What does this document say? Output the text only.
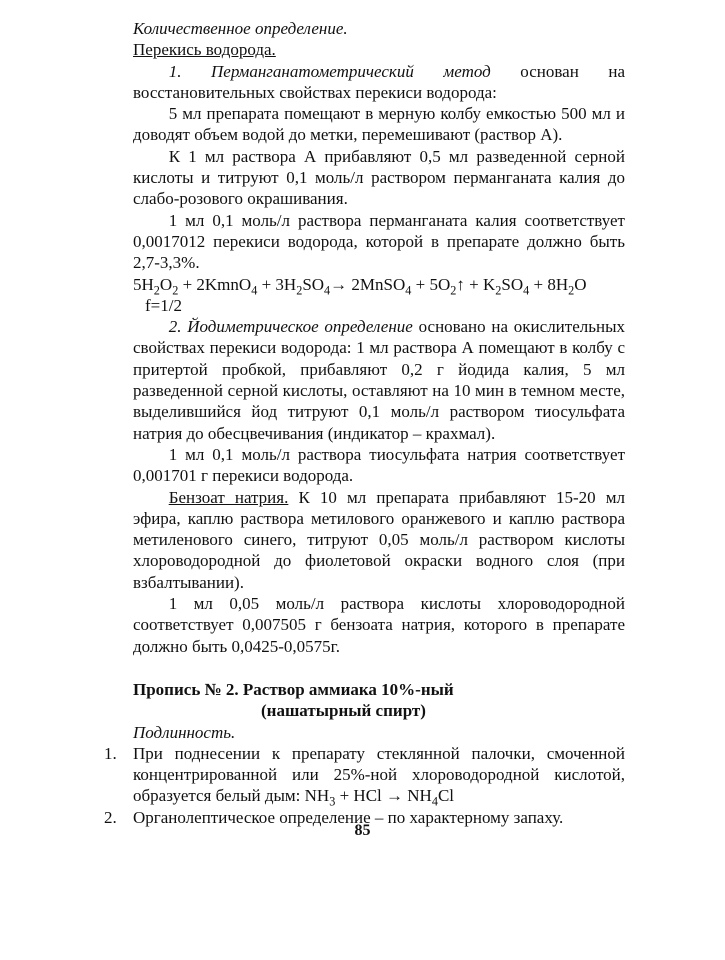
Количественное определение.

Перекись водорода.

1. Перманганатометрический метод основан на восстановительных свойствах перекиси водорода:

5 мл препарата помещают в мерную колбу емкостью 500 мл и доводят объем водой до метки, перемешивают (раствор А).

К 1 мл раствора А прибавляют 0,5 мл разведенной серной кислоты и титруют 0,1 моль/л раствором перманганата калия до слабо-розового окрашивания.

1 мл 0,1 моль/л раствора перманганата калия соответствует 0,0017012 перекиси водорода, которой в препарате должно быть 2,7-3,3%.

$5H_2O_2$ + 2KmnO$_4$ + $3H_2SO_4\to$ 2MnSO$_4$ + $5O_2↑ + K_2SO_4 + 8H_2O$

f=1/2

2. Йодиметрическое определение основано на окислительных свойствах перекиси водорода: 1 мл раствора А помещают в колбу с притертой пробкой, прибавляют 0,2 г йодида калия, 5 мл разведенной серной кислоты, оставляют на 10 мин в темном месте, выделившийся йод титруют 0,1 моль/л раствором тиосульфата натрия до обесцвечивания (индикатор – крахмал).

1 мл 0,1 моль/л раствора тиосульфата натрия соответствует 0,001701 г перекиси водорода.

Бензоат натрия. К 10 мл препарата прибавляют 15-20 мл эфира, каплю раствора метилового оранжевого и каплю раствора метиленового синего, титруют 0,05 моль/л раствором кислоты хлороводородной до фиолетовой окраски водного слоя (при взбалтывании).

1 мл 0,05 моль/л раствора кислоты хлороводородной соответствует 0,007505 г бензоата натрия, которого в препарате должно быть 0,0425-0,0575г.

Пропись № 2. Раствор аммиака 10%-ный
(нашатырный спирт)

Подлинность.

1. При поднесении к препарату стеклянной палочки, смоченной концентрированной или 25%-ной хлороводородной кислотой, образуется белый дым: $NH_3$ + HCl → $NH_4Cl$
2. Органолептическое определение – по характерному запаху.
85
